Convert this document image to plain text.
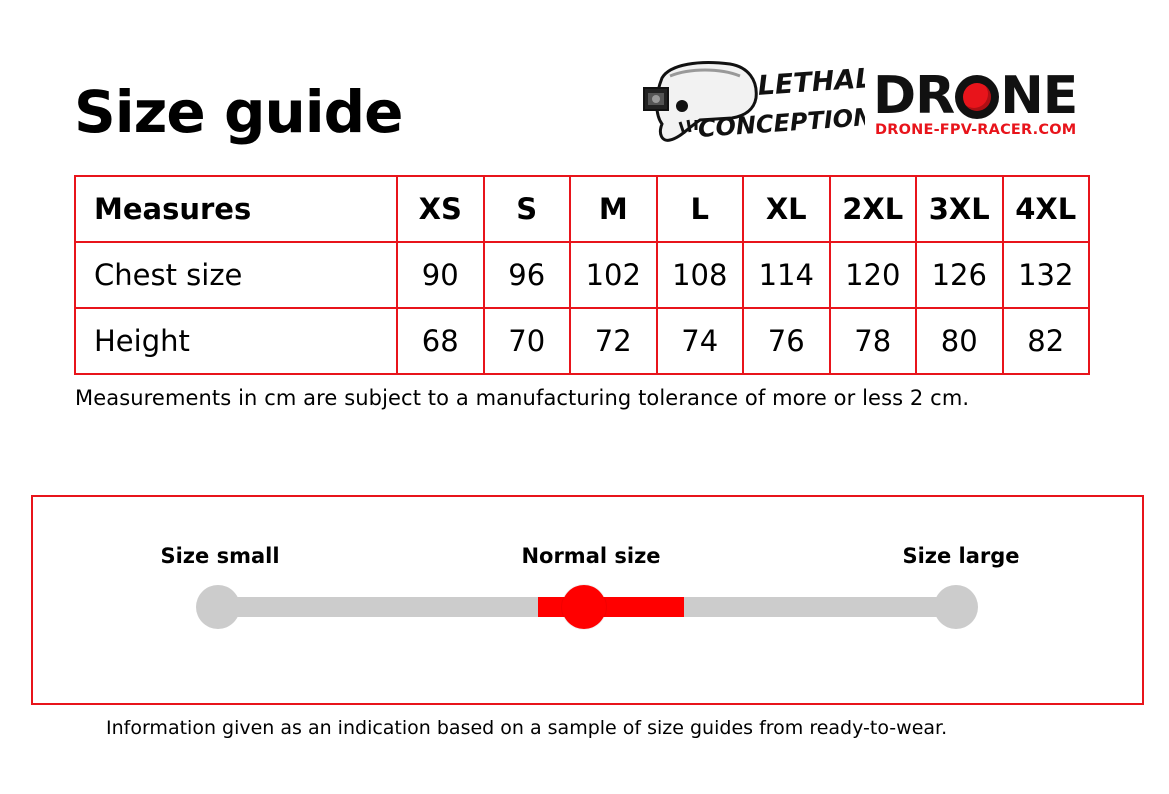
Size guide	LETHAL
CONCEPTION
DR NE
DRONE-FPV-RACER.COM
Measures	XS	S	M	L	XL	2XL	3XL	4XL
Chest size	90	96	102	108	114	120	126	132
Height	68	70	72	74	76	78	80	82
Measurements in cm are subject to a manufacturing tolerance of more or less 2 cm.
Size small	Normal size	Size large
Information given as an indication based on a sample of size guides from ready-to-wear.
